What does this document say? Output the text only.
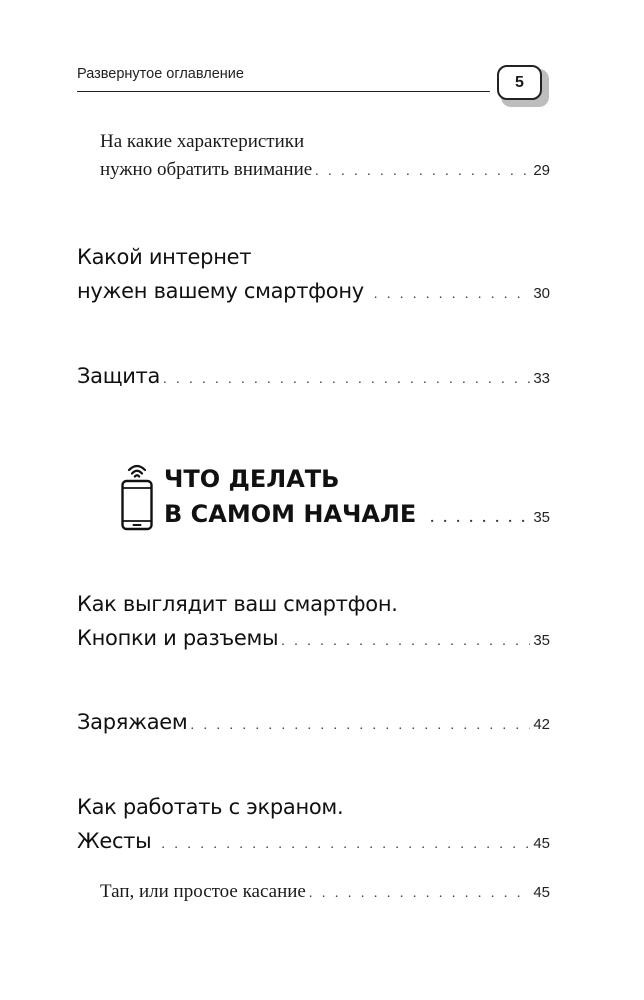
Развернутое оглавление	5
На какие характеристики
нужно обратить внимание . . .	29
Какой интернет
нужен вашему смартфону . . .	30
Защита . . .	33
ЧТО ДЕЛАТЬ
В САМОМ НАЧАЛЕ . . .	35
Как выглядит ваш смартфон.
Кнопки и разъемы . . .	35
Заряжаем . . .	42
Как работать с экраном.
Жесты . . .	45
Тап, или простое касание . . .	45
